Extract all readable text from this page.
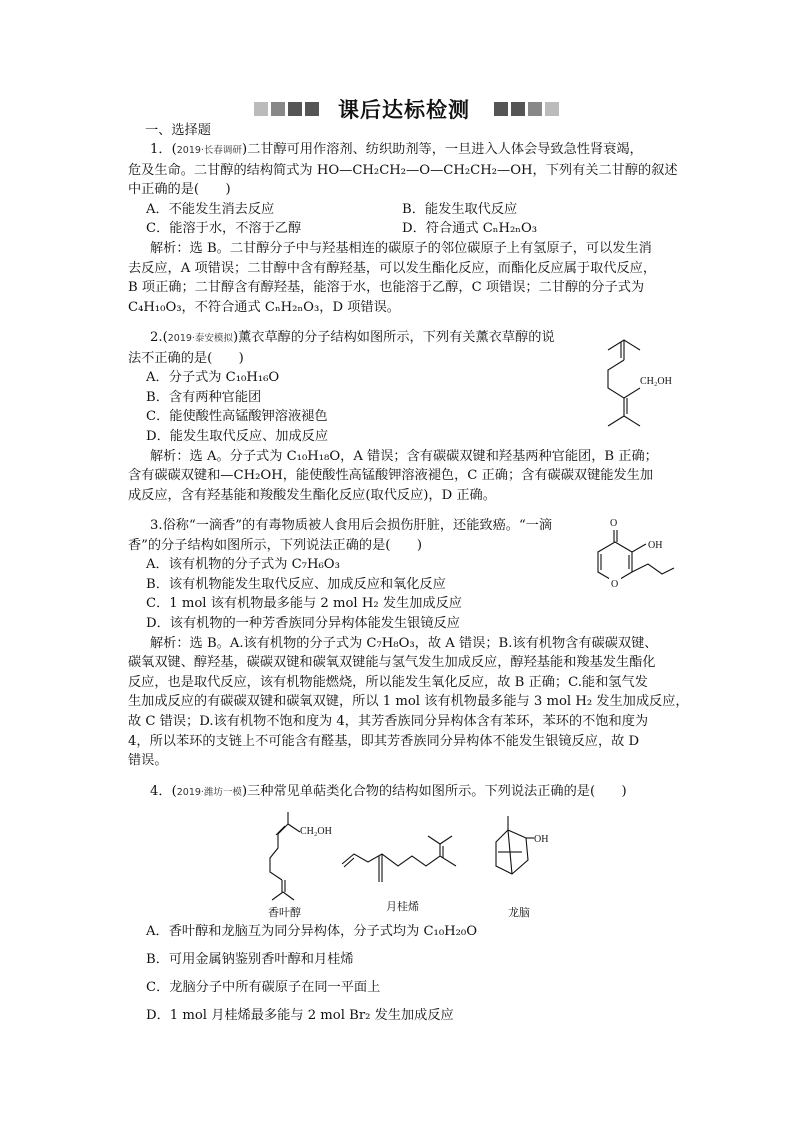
课后达标检测
一、选择题
1．(2019·长春调研)二甘醇可用作溶剂、纺织助剂等，一旦进入人体会导致急性肾衰竭，
危及生命。二甘醇的结构简式为 HO—CH₂CH₂—O—CH₂CH₂—OH，下列有关二甘醇的叙述
中正确的是(　　)
A．不能发生消去反应	B．能发生取代反应
C．能溶于水，不溶于乙醇	D．符合通式 CₙH₂ₙO₃
解析：选 B。二甘醇分子中与羟基相连的碳原子的邻位碳原子上有氢原子，可以发生消
去反应，A 项错误；二甘醇中含有醇羟基，可以发生酯化反应，而酯化反应属于取代反应，
B 项正确；二甘醇含有醇羟基，能溶于水，也能溶于乙醇，C 项错误；二甘醇的分子式为
C₄H₁₀O₃，不符合通式 CₙH₂ₙO₃，D 项错误。
2.(2019·泰安模拟)薰衣草醇的分子结构如图所示，下列有关薰衣草醇的说
法不正确的是(　　)
A．分子式为 C₁₀H₁₆O
B．含有两种官能团
C．能使酸性高锰酸钾溶液褪色
D．能发生取代反应、加成反应
解析：选 A。分子式为 C₁₀H₁₈O，A 错误；含有碳碳双键和羟基两种官能团，B 正确；
含有碳碳双键和—CH₂OH，能使酸性高锰酸钾溶液褪色，C 正确；含有碳碳双键能发生加
成反应，含有羟基能和羧酸发生酯化反应(取代反应)，D 正确。
CH₂OH
3.俗称“一滴香”的有毒物质被人食用后会损伤肝脏，还能致癌。“一滴
香”的分子结构如图所示，下列说法正确的是(　　)
A．该有机物的分子式为 C₇H₆O₃
B．该有机物能发生取代反应、加成反应和氧化反应
C．1 mol 该有机物最多能与 2 mol H₂ 发生加成反应
D．该有机物的一种芳香族同分异构体能发生银镜反应
解析：选 B。A.该有机物的分子式为 C₇H₈O₃，故 A 错误；B.该有机物含有碳碳双键、
碳氧双键、醇羟基，碳碳双键和碳氧双键能与氢气发生加成反应，醇羟基能和羧基发生酯化
反应，也是取代反应，该有机物能燃烧，所以能发生氧化反应，故 B 正确；C.能和氢气发
生加成反应的有碳碳双键和碳氧双键，所以 1 mol 该有机物最多能与 3 mol H₂ 发生加成反应，
故 C 错误；D.该有机物不饱和度为 4，其芳香族同分异构体含有苯环，苯环的不饱和度为
4，所以苯环的支链上不可能含有醛基，即其芳香族同分异构体不能发生银镜反应，故 D
错误。
O
OH
O
4．(2019·潍坊一模)三种常见单萜类化合物的结构如图所示。下列说法正确的是(　　)
CH₂OH
OH
香叶醇	月桂烯	龙脑
A．香叶醇和龙脑互为同分异构体，分子式均为 C₁₀H₂₀O
B．可用金属钠鉴别香叶醇和月桂烯
C．龙脑分子中所有碳原子在同一平面上
D．1 mol 月桂烯最多能与 2 mol Br₂ 发生加成反应
